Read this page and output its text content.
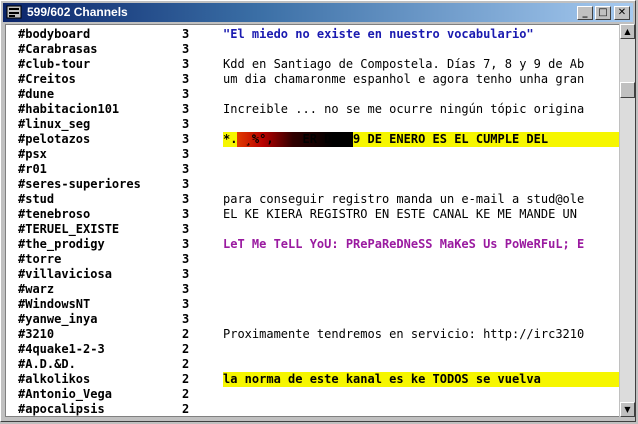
599/602 Channels	_	□	✕
#bodyboard	3	"El miedo no existe en nuestro vocabulario"
#Carabrasas	3
#club-tour	3	Kdd en Santiago de Compostela. Días 7, 8 y 9 de Ab
#Creitos	3	um dia chamaronme espanhol e agora tenho unha gran
#dune	3
#habitacion101	3	Increible ... no se me ocurre ningún tópic origina
#linux_seg	3
#pelotazos	3	*. ¸%°,    ER DIA 9 DE ENERO ES EL CUMPLE DEL
#psx	3
#r01	3
#seres-superiores	3
#stud	3	para conseguir registro manda un e-mail a stud@ole
#tenebroso	3	EL KE KIERA REGISTRO EN ESTE CANAL KE ME MANDE UN
#TERUEL_EXISTE	3
#the_prodigy	3	LeT Me TeLL YoU: PRePaReDNeSS MaKeS Us PoWeRFuL; E
#torre	3
#villaviciosa	3
#warz	3
#WindowsNT	3
#yanwe_inya	3
#3210	2	Proximamente tendremos en servicio: http://irc3210
#4quake1-2-3	2
#A.D.&D.	2
#alkolikos	2	la norma de este kanal es ke TODOS se vuelva
#Antonio_Vega	2
#apocalipsis	2
▲
▼
